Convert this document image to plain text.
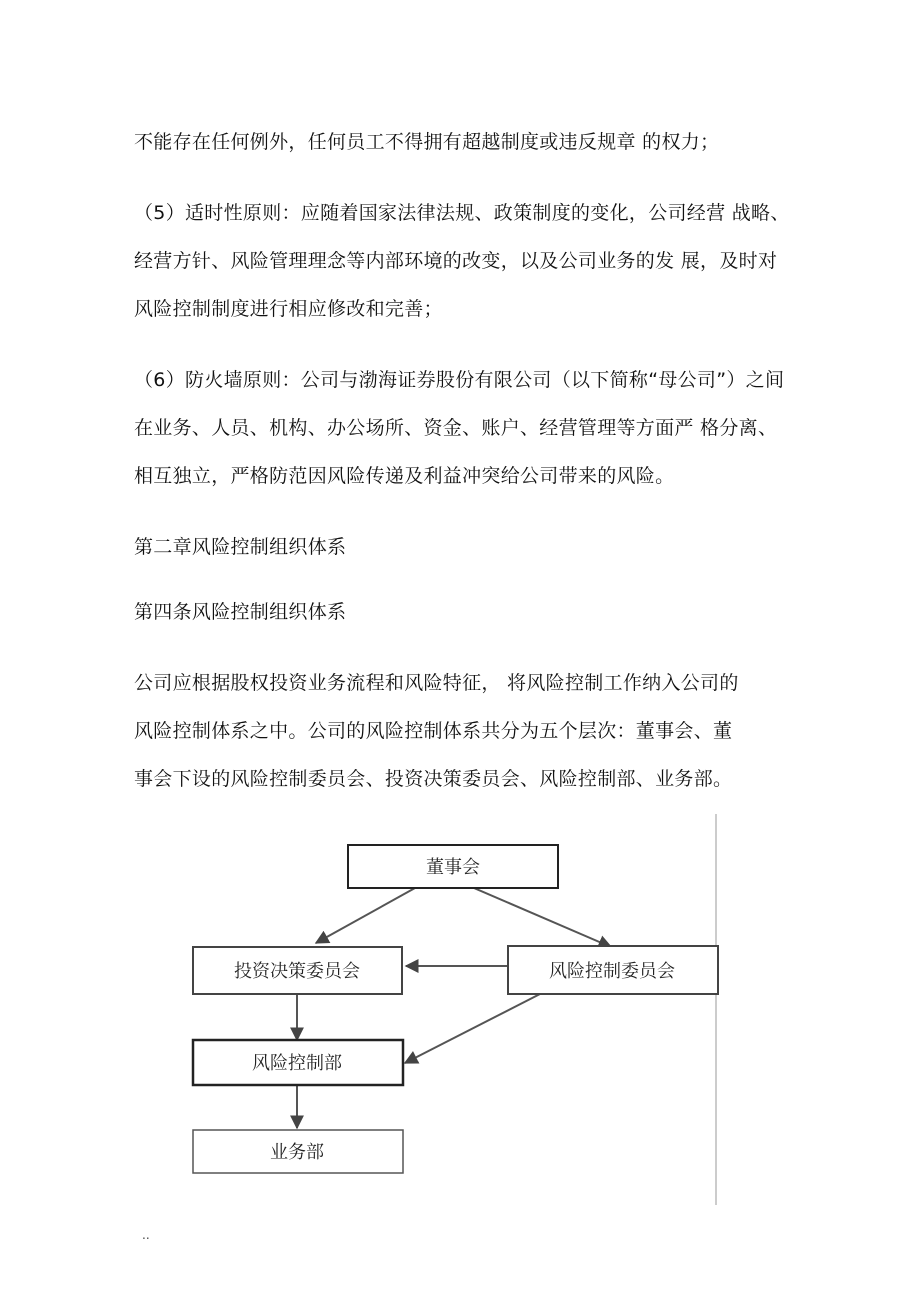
不能存在任何例外，任何员工不得拥有超越制度或违反规章 的权力；
（5）适时性原则：应随着国家法律法规、政策制度的变化，公司经营 战略、
经营方针、风险管理理念等内部环境的改变，以及公司业务的发 展，及时对
风险控制制度进行相应修改和完善；
（6）防火墙原则：公司与渤海证券股份有限公司（以下简称“母公司”）之间
在业务、人员、机构、办公场所、资金、账户、经营管理等方面严 格分离、
相互独立，严格防范因风险传递及利益冲突给公司带来的风险。
第二章风险控制组织体系
第四条风险控制组织体系
公司应根据股权投资业务流程和风险特征， 将风险控制工作纳入公司的
风险控制体系之中。公司的风险控制体系共分为五个层次：董事会、董
事会下设的风险控制委员会、投资决策委员会、风险控制部、业务部。
董事会
投资决策委员会	风险控制委员会
风险控制部
业务部
..
